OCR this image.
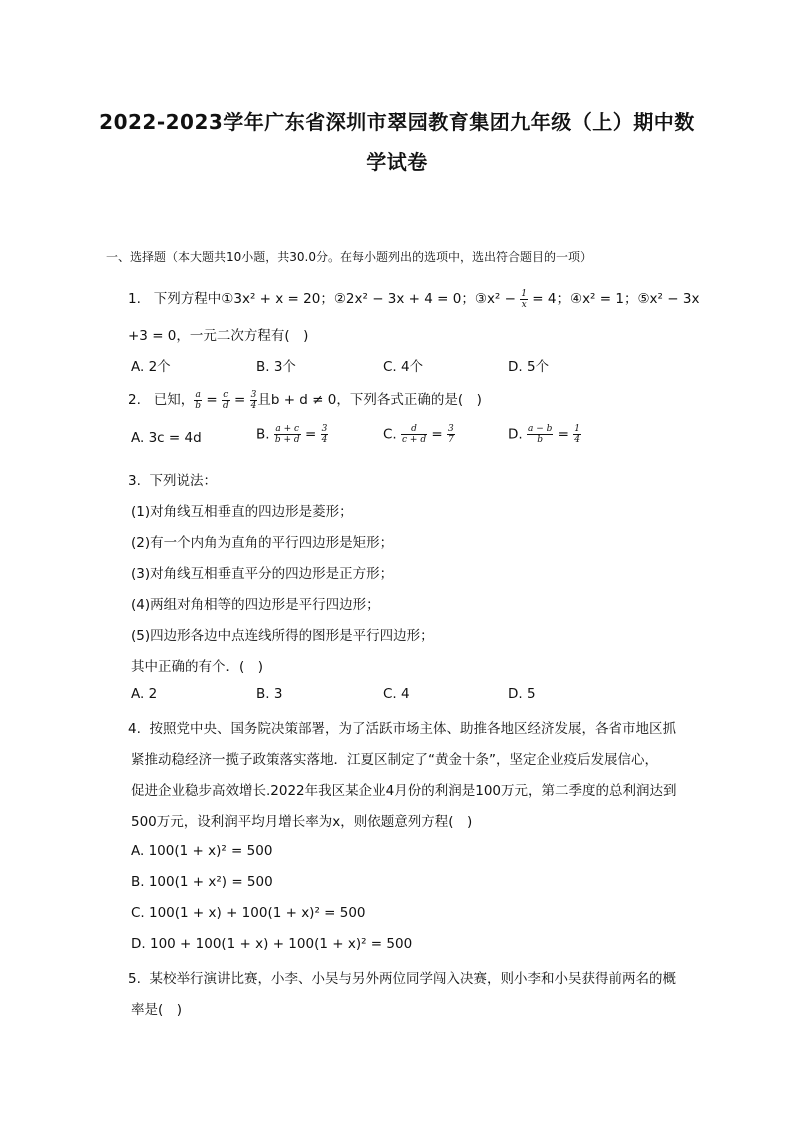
2022-2023学年广东省深圳市翠园教育集团九年级（上）期中数
学试卷
一、选择题（本大题共10小题，共30.0分。在每小题列出的选项中，选出符合题目的一项）
1. 下列方程中①3x² + x = 20；②2x² − 3x + 4 = 0；③x² − $\frac{1}{x} = 4$；④x² = 1；⑤x² − 3x
+3 = 0，一元二次方程有( )
A. 2个	B. 3个	C. 4个	D. 5个
2. 已知， $\frac{a}{b} = \frac{c}{d} = \frac{3}{4}$ 且b + d ≠ 0，下列各式正确的是( )
A. 3c = 4d	B. $\frac{a + c}{b + d} = \frac{3}{4}$	C. $\frac{d}{c + d} = \frac{3}{7}$	D. $\frac{a - b}{b} = \frac{1}{4}$
3. 下列说法：
(1)对角线互相垂直的四边形是菱形；
(2)有一个内角为直角的平行四边形是矩形；
(3)对角线互相垂直平分的四边形是正方形；
(4)两组对角相等的四边形是平行四边形；
(5)四边形各边中点连线所得的图形是平行四边形；
其中正确的有个．( )
A. 2	B. 3	C. 4	D. 5
4. 按照党中央、国务院决策部署，为了活跃市场主体、助推各地区经济发展，各省市地区抓
紧推动稳经济一揽子政策落实落地．江夏区制定了“黄金十条”，坚定企业疫后发展信心，
促进企业稳步高效增长.2022年我区某企业4月份的利润是100万元，第二季度的总利润达到
500万元，设利润平均月增长率为x，则依题意列方程( )
A. 100(1 + x)² = 500
B. 100(1 + x²) = 500
C. 100(1 + x) + 100(1 + x)² = 500
D. 100 + 100(1 + x) + 100(1 + x)² = 500
5. 某校举行演讲比赛，小李、小吴与另外两位同学闯入决赛，则小李和小吴获得前两名的概
率是( )
